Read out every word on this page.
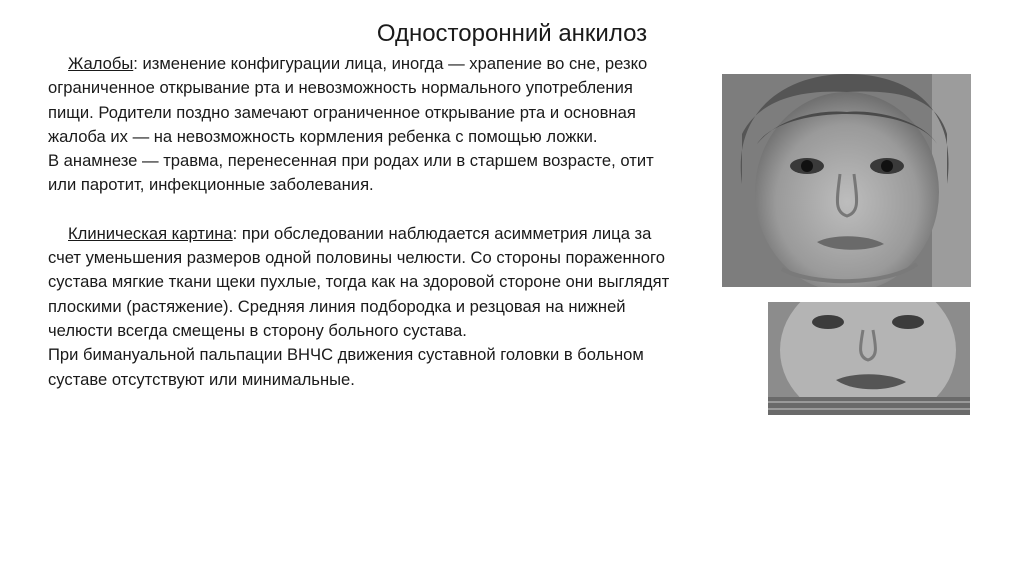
Односторонний анкилоз

Жалобы: изменение конфигурации лица, иногда — храпение во сне, резко ограниченное открывание рта и невозможность нормального употребления пищи. Родители поздно замечают ограниченное открывание рта и основная жалоба их — на невозможность кормления ребенка с помощью ложки.

В анамнезе — травма, перенесенная при родах или в старшем возрасте, отит или паротит, инфекционные заболевания.

Клиническая картина: при обследовании наблюдается асимметрия лица за счет уменьшения размеров одной половины челюсти. Со стороны пораженного сустава мягкие ткани щеки пухлые, тогда как на здоровой стороне они выглядят плоскими (растяжение). Средняя линия подбородка и резцовая на нижней челюсти всегда смещены в сторону больного сустава.

При бимануальной пальпации ВНЧС движения суставной головки в больном суставе отсутствуют или минимальные.
